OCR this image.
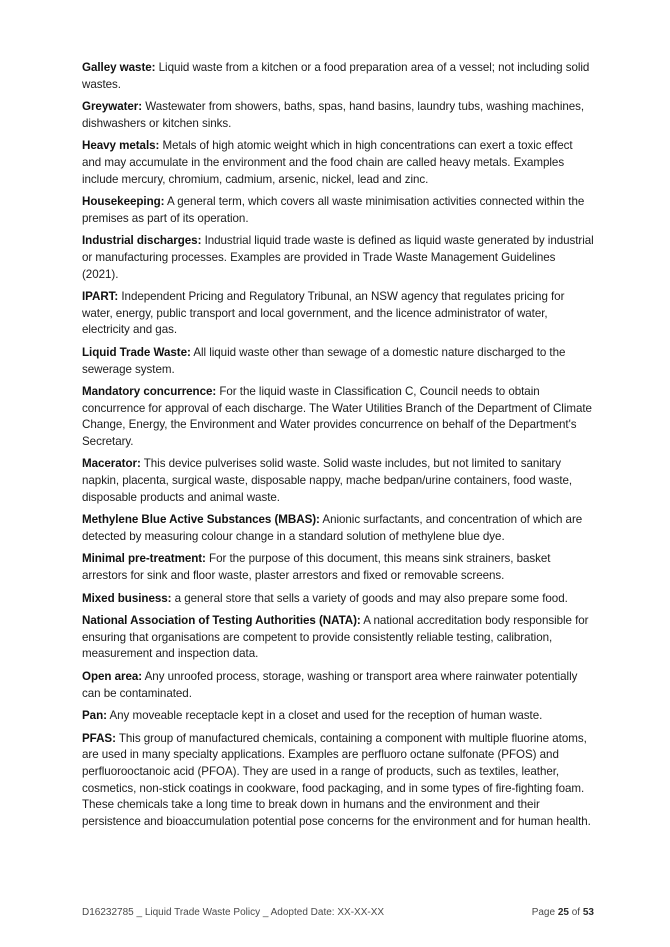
Galley waste: Liquid waste from a kitchen or a food preparation area of a vessel; not including solid wastes.

Greywater: Wastewater from showers, baths, spas, hand basins, laundry tubs, washing machines, dishwashers or kitchen sinks.

Heavy metals: Metals of high atomic weight which in high concentrations can exert a toxic effect and may accumulate in the environment and the food chain are called heavy metals. Examples include mercury, chromium, cadmium, arsenic, nickel, lead and zinc.

Housekeeping: A general term, which covers all waste minimisation activities connected within the premises as part of its operation.

Industrial discharges: Industrial liquid trade waste is defined as liquid waste generated by industrial or manufacturing processes. Examples are provided in Trade Waste Management Guidelines (2021).

IPART: Independent Pricing and Regulatory Tribunal, an NSW agency that regulates pricing for water, energy, public transport and local government, and the licence administrator of water, electricity and gas.

Liquid Trade Waste: All liquid waste other than sewage of a domestic nature discharged to the sewerage system.

Mandatory concurrence: For the liquid waste in Classification C, Council needs to obtain concurrence for approval of each discharge. The Water Utilities Branch of the Department of Climate Change, Energy, the Environment and Water provides concurrence on behalf of the Department's Secretary.

Macerator: This device pulverises solid waste. Solid waste includes, but not limited to sanitary napkin, placenta, surgical waste, disposable nappy, mache bedpan/urine containers, food waste, disposable products and animal waste.

Methylene Blue Active Substances (MBAS): Anionic surfactants, and concentration of which are detected by measuring colour change in a standard solution of methylene blue dye.

Minimal pre-treatment: For the purpose of this document, this means sink strainers, basket arrestors for sink and floor waste, plaster arrestors and fixed or removable screens.

Mixed business: a general store that sells a variety of goods and may also prepare some food.

National Association of Testing Authorities (NATA): A national accreditation body responsible for ensuring that organisations are competent to provide consistently reliable testing, calibration, measurement and inspection data.

Open area: Any unroofed process, storage, washing or transport area where rainwater potentially can be contaminated.

Pan: Any moveable receptacle kept in a closet and used for the reception of human waste.

PFAS: This group of manufactured chemicals, containing a component with multiple fluorine atoms, are used in many specialty applications. Examples are perfluoro octane sulfonate (PFOS) and perfluorooctanoic acid (PFOA). They are used in a range of products, such as textiles, leather, cosmetics, non-stick coatings in cookware, food packaging, and in some types of fire-fighting foam. These chemicals take a long time to break down in humans and the environment and their persistence and bioaccumulation potential pose concerns for the environment and for human health.

D16232785 _ Liquid Trade Waste Policy _ Adopted Date: XX-XX-XX	Page 25 of 53
